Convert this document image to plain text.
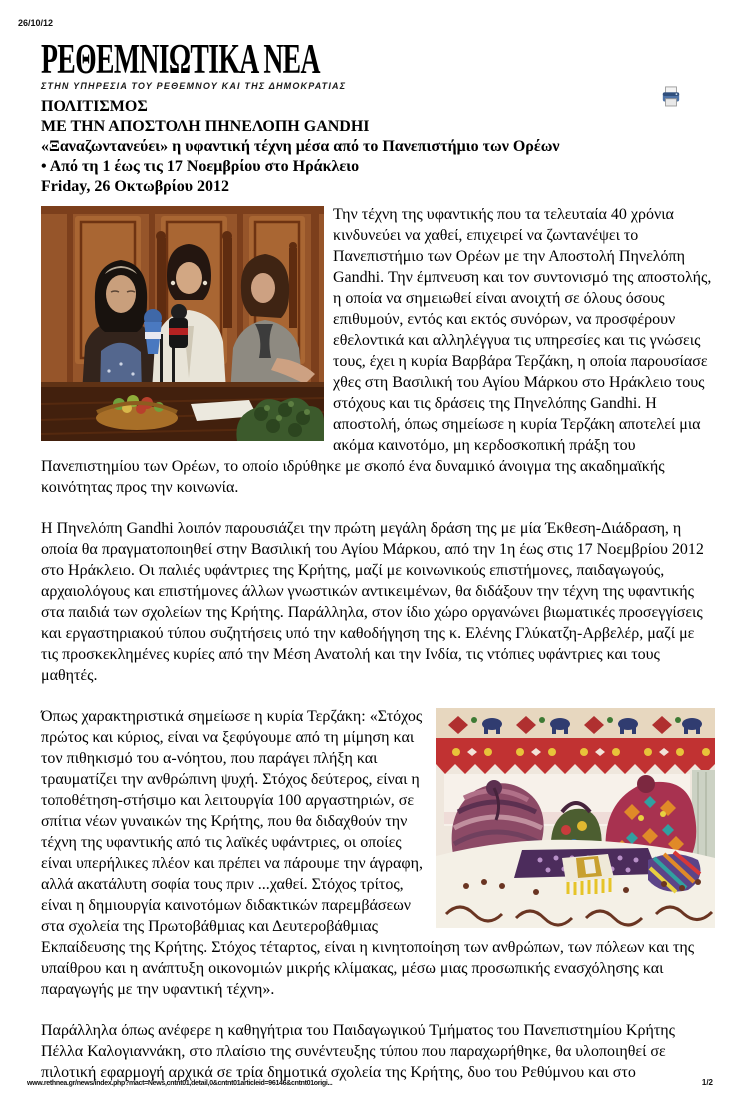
26/10/12
ΡΕΘΕΜΝΙΩΤΙΚΑ ΝΕΑ
ΣΤΗΝ ΥΠΗΡΕΣΙΑ ΤΟΥ ΡΕΘΕΜΝΟΥ ΚΑΙ ΤΗΣ ΔΗΜΟΚΡΑΤΙΑΣ
ΠΟΛΙΤΙΣΜΟΣ
ΜΕ ΤΗΝ ΑΠΟΣΤΟΛΗ ΠΗΝΕΛΟΠΗ GANDHI
«Ξαναζωντανεύει» η υφαντική τέχνη μέσα από το Πανεπιστήμιο των Ορέων
• Από τη 1 έως τις 17 Νοεμβρίου στο Ηράκλειο
Friday, 26 Οκτωβρίου 2012

Την τέχνη της υφαντικής που τα τελευταία 40 χρόνια κινδυνεύει να χαθεί, επιχειρεί να ζωντανέψει το Πανεπιστήμιο των Ορέων με την Αποστολή Πηνελόπη Gandhi. Την έμπνευση και τον συντονισμό της αποστολής, η οποία να σημειωθεί είναι ανοιχτή σε όλους όσους επιθυμούν, εντός και εκτός συνόρων, να προσφέρουν εθελοντικά και αλληλέγγυα τις υπηρεσίες και τις γνώσεις τους, έχει η κυρία Βαρβάρα Τερζάκη, η οποία παρουσίασε χθες στη Βασιλική του Αγίου Μάρκου στο Ηράκλειο τους στόχους και τις δράσεις της Πηνελόπης Gandhi. Η αποστολή, όπως σημείωσε η κυρία Τερζάκη αποτελεί μια ακόμα καινοτόμο, μη κερδοσκοπική πράξη του Πανεπιστημίου των Ορέων, το οποίο ιδρύθηκε με σκοπό ένα δυναμικό άνοιγμα της ακαδημαϊκής κοινότητας προς την κοινωνία.

Η Πηνελόπη Gandhi λοιπόν παρουσιάζει την πρώτη μεγάλη δράση της με μία Έκθεση-Διάδραση, η οποία θα πραγματοποιηθεί στην Βασιλική του Αγίου Μάρκου, από την 1η έως στις 17 Νοεμβρίου 2012 στο Ηράκλειο. Οι παλιές υφάντριες της Κρήτης, μαζί με κοινωνικούς επιστήμονες, παιδαγωγούς, αρχαιολόγους και επιστήμονες άλλων γνωστικών αντικειμένων, θα διδάξουν την τέχνη της υφαντικής στα παιδιά των σχολείων της Κρήτης. Παράλληλα, στον ίδιο χώρο οργανώνει βιωματικές προσεγγίσεις και εργαστηριακού τύπου συζητήσεις υπό την καθοδήγηση της κ. Ελένης Γλύκατζη-Αρβελέρ, μαζί με τις προσκεκλημένες κυρίες από την Μέση Ανατολή και την Ινδία, τις ντόπιες υφάντριες και τους μαθητές.

Όπως χαρακτηριστικά σημείωσε η κυρία Τερζάκη: «Στόχος πρώτος και κύριος, είναι να ξεφύγουμε από τη μίμηση και τον πιθηκισμό του α-νόητου, που παράγει πλήξη και τραυματίζει την ανθρώπινη ψυχή. Στόχος δεύτερος, είναι η τοποθέτηση-στήσιμο και λειτουργία 100 αργαστηριών, σε σπίτια νέων γυναικών της Κρήτης, που θα διδαχθούν την τέχνη της υφαντικής από τις λαϊκές υφάντριες, οι οποίες είναι υπερήλικες πλέον και πρέπει να πάρουμε την άγραφη, αλλά ακατάλυτη σοφία τους πριν ...χαθεί. Στόχος τρίτος, είναι η δημιουργία καινοτόμων διδακτικών παρεμβάσεων στα σχολεία της Πρωτοβάθμιας και Δευτεροβάθμιας Εκπαίδευσης της Κρήτης. Στόχος τέταρτος, είναι η κινητοποίηση των ανθρώπων, των πόλεων και της υπαίθρου και η ανάπτυξη οικονομιών μικρής κλίμακας, μέσω μιας προσωπικής ενασχόλησης και παραγωγής με την υφαντική τέχνη».

Παράλληλα όπως ανέφερε η καθηγήτρια του Παιδαγωγικού Τμήματος του Πανεπιστημίου Κρήτης Πέλλα Καλογιαννάκη, στο πλαίσιο της συνέντευξης τύπου που παραχωρήθηκε, θα υλοποιηθεί σε πιλοτική εφαρμογή αρχικά σε τρία δημοτικά σχολεία της Κρήτης, δυο του Ρεθύμνου και στο

www.rethnea.gr/news/index.php?mact=News,cntnt01,detail,0&cntnt01articleid=96146&cntnt01origi...	1/2
